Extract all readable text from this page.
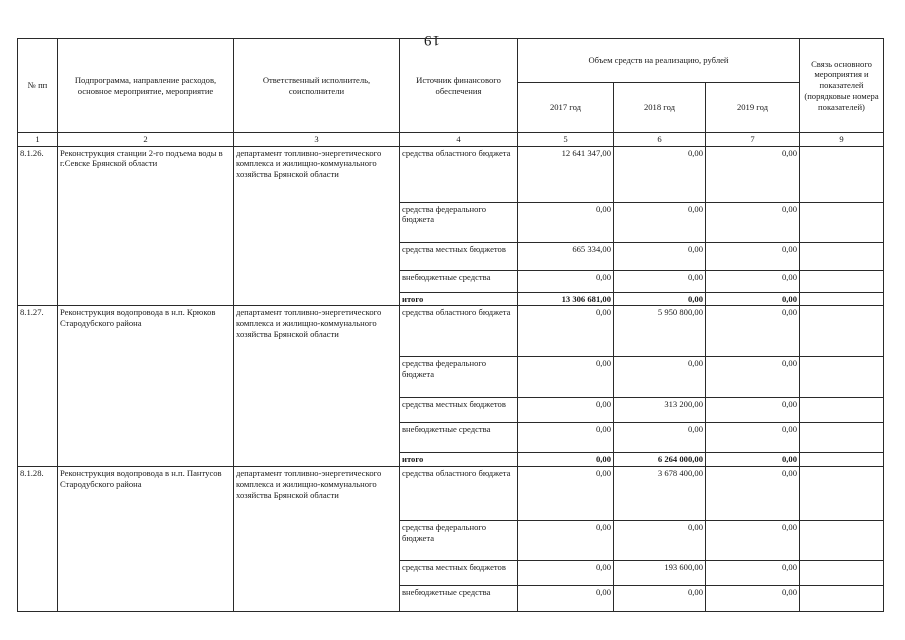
19
№ пп	Подпрограмма, направление расходов, основное мероприятие, мероприятие	Ответственный исполнитель, соисполнители	Источник финансового обеспечения	Объем средств на реализацию, рублей			Связь основного мероприятия и показателей (порядковые номера показателей)
				2017 год	2018 год	2019 год	
1	2	3	4	5	6	7	9
8.1.26.	Реконструкция станции 2-го подъема воды в г.Севске Брянской области	департамент топливно-энергетического комплекса и жилищно-коммунального хозяйства Брянской области	средства областного бюджета	12 641 347,00	0,00	0,00	
			средства федерального бюджета	0,00	0,00	0,00	
			средства местных бюджетов	665 334,00	0,00	0,00	
			внебюджетные средства	0,00	0,00	0,00	
			итого	13 306 681,00	0,00	0,00	
8.1.27.	Реконструкция водопровода в н.п. Крюков Стародубского района	департамент топливно-энергетического комплекса и жилищно-коммунального хозяйства Брянской области	средства областного бюджета	0,00	5 950 800,00	0,00	
			средства федерального бюджета	0,00	0,00	0,00	
			средства местных бюджетов	0,00	313 200,00	0,00	
			внебюджетные средства	0,00	0,00	0,00	
			итого	0,00	6 264 000,00	0,00	
8.1.28.	Реконструкция водопровода в н.п. Пантусов Стародубского района	департамент топливно-энергетического комплекса и жилищно-коммунального хозяйства Брянской области	средства областного бюджета	0,00	3 678 400,00	0,00	
			средства федерального бюджета	0,00	0,00	0,00	
			средства местных бюджетов	0,00	193 600,00	0,00	
			внебюджетные средства	0,00	0,00	0,00	
